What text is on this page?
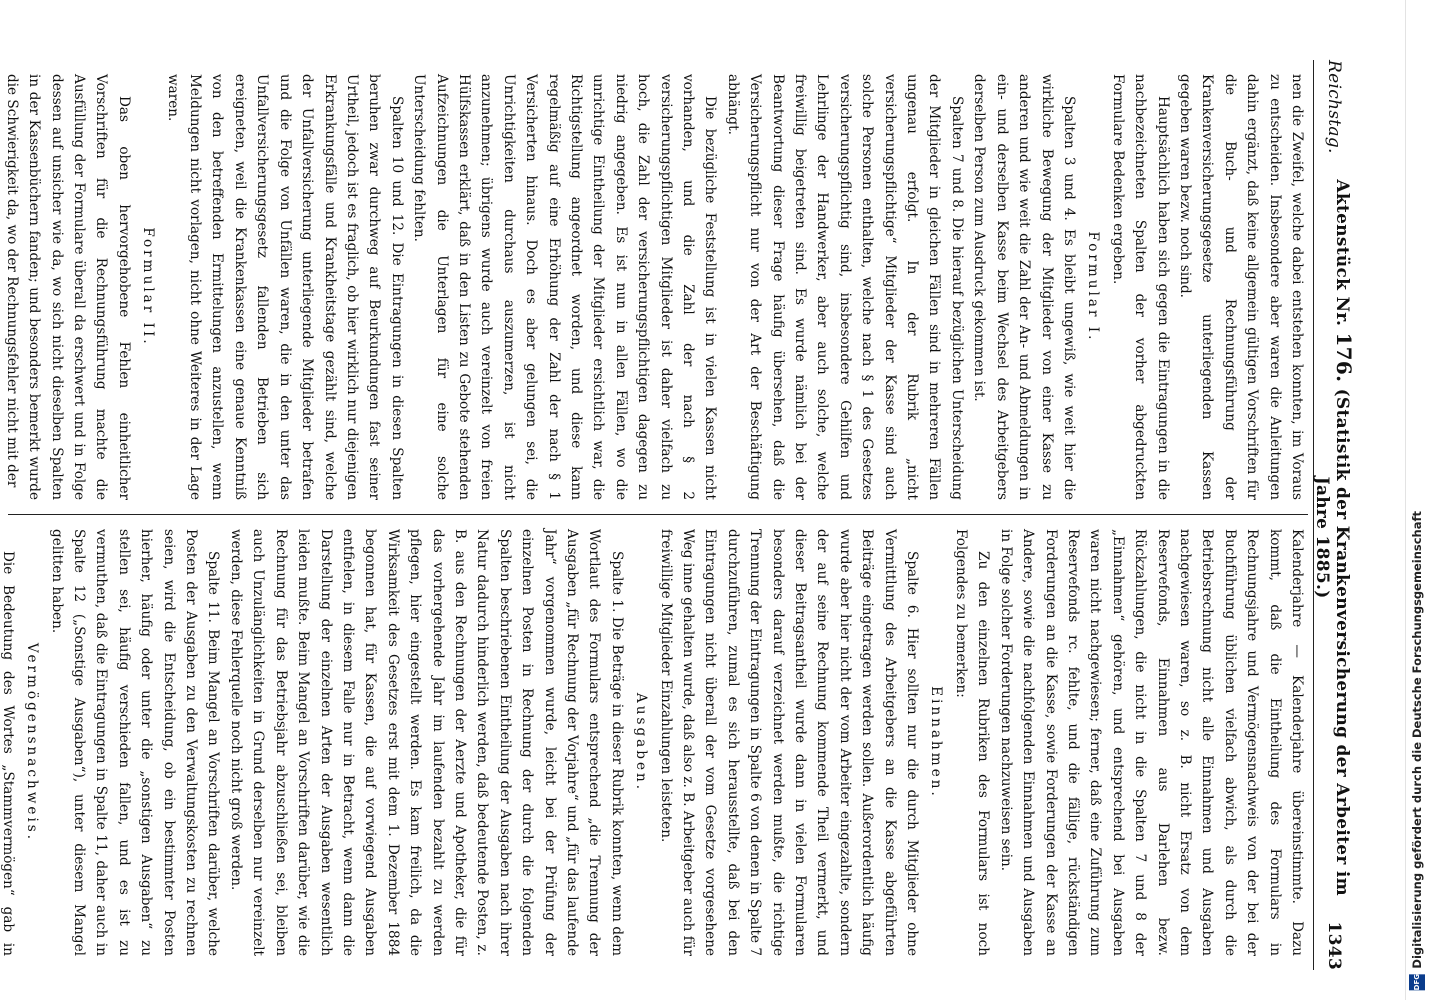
Reichstag.
Aktenstück Nr. 176. (Statistik der Krankenversicherung der Arbeiter im Jahre 1885.)
1343

nen die Zweifel, welche dabei entstehen konnten, im Voraus zu entscheiden. Insbesondere aber waren die Anleitungen dahin ergänzt, daß keine allgemein gültigen Vorschriften für die Buch- und Rechnungsführung der Krankenversicherungsgesetze unterliegenden Kassen gegeben waren bezw. noch sind.

Hauptsächlich haben sich gegen die Eintragungen in die nachbezeichneten Spalten der vorher abgedruckten Formulare Bedenken ergeben.

Formular I.

Spalten 3 und 4. Es bleibt ungewiß, wie weit hier die wirkliche Bewegung der Mitglieder von einer Kasse zu anderen und wie weit die Zahl der An- und Abmeldungen in ein- und derselben Kasse beim Wechsel des Arbeitgebers derselben Person zum Ausdruck gekommen ist.

Spalten 7 und 8. Die hierauf bezüglichen Unterscheidung der Mitglieder in gleichen Fällen sind in mehreren Fällen ungenau erfolgt. In der Rubrik „nicht versicherungspflichtige“ Mitglieder der Kasse sind auch solche Personen enthalten, welche nach § 1 des Gesetzes versicherungspflichtig sind, insbesondere Gehilfen und Lehrlinge der Handwerker, aber auch solche, welche freiwillig beigetreten sind. Es wurde nämlich bei der Beantwortung dieser Frage häufig übersehen, daß die Versicherungspflicht nur von der Art der Beschäftigung abhängt.

Die bezügliche Feststellung ist in vielen Kassen nicht vorhanden, und die Zahl der nach § 2 versicherungspflichtigen Mitglieder ist daher vielfach zu hoch, die Zahl der versicherungspflichtigen dagegen zu niedrig angegeben. Es ist nun in allen Fällen, wo die unrichtige Eintheilung der Mitglieder ersichtlich war, die Richtigstellung angeordnet worden, und diese kann regelmäßig auf eine Erhöhung der Zahl der nach § 1 Versicherten hinaus. Doch es aber gelungen sei, die Unrichtigkeiten durchaus auszumerzen, ist nicht anzunehmen; übrigens wurde auch vereinzelt von freien Hülfskassen erklärt, daß in den Listen zu Gebote stehenden Aufzeichnungen die Unterlagen für eine solche Unterscheidung fehlten.

Spalten 10 und 12. Die Eintragungen in diesen Spalten beruhen zwar durchweg auf Beurkundungen fast seiner Urtheil, jedoch ist es fraglich, ob hier wirklich nur diejenigen Erkrankungsfälle und Krankheitstage gezählt sind, welche der Unfallversicherung unterliegende Mitglieder betrafen und die Folge von Unfällen waren, die in den unter das Unfallversicherungsgesetz fallenden Betrieben sich ereigneten, weil die Krankenkassen eine genaue Kenntniß von den betreffenden Ermittelungen anzustellen, wenn Meldungen nicht vorlagen, nicht ohne Weiteres in der Lage waren.

Formular II.

Das oben hervorgehobene Fehlen einheitlicher Vorschriften für die Rechnungsführung machte die Ausfüllung der Formulare überall da erschwert und in Folge dessen auf unsicher wie da, wo sich nicht dieselben Spalten in der Kassenbüchern fanden; und besonders bemerkt wurde die Schwierigkeit da, wo der Rechnungsfehler nicht mit der

Kalenderjahre — Kalenderjahre übereinstimmte. Dazu kommt, daß die Eintheilung des Formulars in Rechnungsjahre und Vermögensnachweis von der bei der Buchführung üblichen vielfach abwich, als durch die Betriebsrechnung nicht alle Einnahmen und Ausgaben nachgewiesen waren, so z. B. nicht Ersatz von dem Reservefonds, Einnahmen aus Darlehen bezw. Rückzahlungen, die nicht in die Spalten 7 und 8 der „Einnahmen“ gehören, und entsprechend bei Ausgaben waren nicht nachgewiesen; ferner, daß eine Zuführung zum Reservefonds rc. fehlte, und die fällige, rückständigen Forderungen an die Kasse, sowie Forderungen der Kasse an Andere, sowie die nachfolgenden Einnahmen und Ausgaben in Folge solcher Forderungen nachzuweisen sein.

Zu den einzelnen Rubriken des Formulars ist noch Folgendes zu bemerken:

Einnahmen.

Spalte 6. Hier sollten nur die durch Mitglieder ohne Vermittlung des Arbeitgebers an die Kasse abgeführten Beiträge eingetragen werden sollen. Außerordentlich häufig wurde aber hier nicht der vom Arbeiter eingezahlte, sondern der auf seine Rechnung kommende Theil vermerkt, und dieser Beitragsantheil wurde dann in vielen Formularen besonders darauf verzeichnet werden mußte, die richtige Trennung der Eintragungen in Spalte 6 von denen in Spalte 7 durchzuführen, zumal es sich herausstellte, daß bei den Eintragungen nicht überall der vom Gesetze vorgesehene Weg inne gehalten wurde, daß also z. B. Arbeitgeber auch für freiwillige Mitglieder Einzahlungen leisteten.

Ausgaben.

Spalte 1. Die Beträge in dieser Rubrik konnten, wenn dem Wortlaut des Formulars entsprechend „die Trennung der Ausgaben „für Rechnung der Vorjahre“ und „für das laufende Jahr“ vorgenommen wurde, leicht bei der Prüfung der einzelnen Posten in Rechnung der durch die folgenden Spalten beschriebenen Eintheilung der Ausgaben nach ihrer Natur dadurch hinderlich werden, daß bedeutende Posten, z. B. aus den Rechnungen der Aerzte und Apotheker, die für das vorhergehende Jahr im laufenden bezahlt zu werden pflegen, hier eingestellt werden. Es kam freilich, da die Wirksamkeit des Gesetzes erst mit dem 1. Dezember 1884 begonnen hat, für Kassen, die auf vorwiegend Ausgaben entfielen, in diesem Falle nur in Betracht, wenn dann die Darstellung der einzelnen Arten der Ausgaben wesentlich leiden mußte. Beim Mangel an Vorschriften darüber, wie die Rechnung für das Betriebsjahr abzuschließen sei, bleiben auch Unzulänglichkeiten in Grund derselben nur vereinzelt werden, diese Fehlerquelle noch nicht groß werden.

Spalte 11. Beim Mangel an Vorschriften darüber, welche Posten der Ausgaben zu den Verwaltungskosten zu rechnen seien, wird die Entscheidung, ob ein bestimmter Posten hierher, häufig oder unter die „sonstigen Ausgaben“ zu stellen sei, häufig verschieden fallen, und es ist zu vermuthen, daß die Eintragungen in Spalte 11, daher auch in Spalte 12 („Sonstige Ausgaben“), unter diesem Mangel gelitten haben.

Vermögensnachweis.

Die Bedeutung des Wortes „Stammvermögen“ gab in	Digitalisierung gefördert durch die Deutsche Forschungsgemeinschaft
DFG
